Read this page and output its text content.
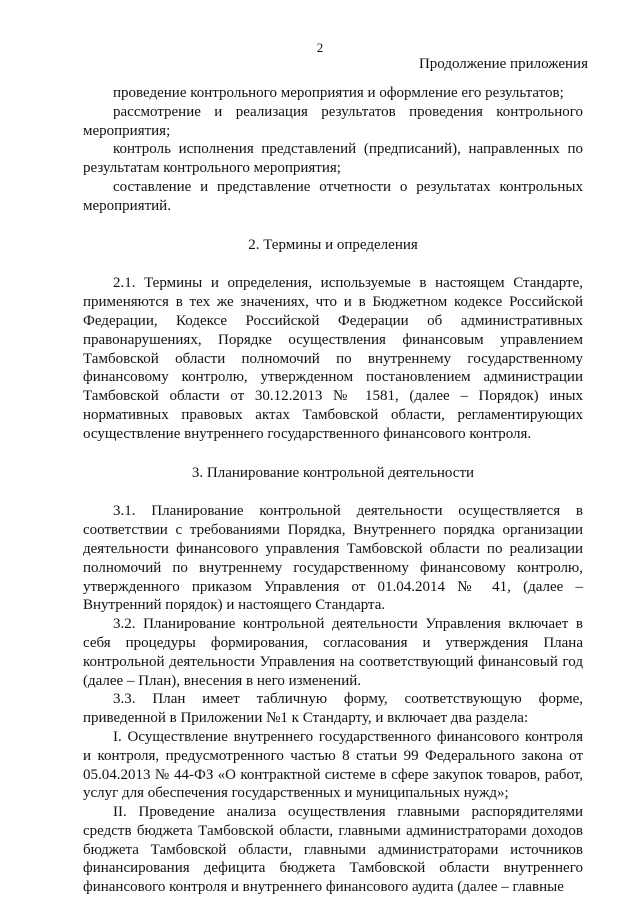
2
Продолжение приложения

проведение контрольного мероприятия и оформление его результатов;

рассмотрение и реализация результатов проведения контрольного мероприятия;

контроль исполнения представлений (предписаний), направленных по результатам контрольного мероприятия;

составление и представление отчетности о результатах контрольных мероприятий.

2. Термины и определения

2.1. Термины и определения, используемые в настоящем Стандарте, применяются в тех же значениях, что и в Бюджетном кодексе Российской Федерации, Кодексе Российской Федерации об административных правонарушениях, Порядке осуществления финансовым управлением Тамбовской области полномочий по внутреннему государственному финансовому контролю, утвержденном постановлением администрации Тамбовской области от 30.12.2013 № 1581, (далее – Порядок) иных нормативных правовых актах Тамбовской области, регламентирующих осуществление внутреннего государственного финансового контроля.

3. Планирование контрольной деятельности

3.1. Планирование контрольной деятельности осуществляется в соответствии с требованиями Порядка, Внутреннего порядка организации деятельности финансового управления Тамбовской области по реализации полномочий по внутреннему государственному финансовому контролю, утвержденного приказом Управления от 01.04.2014 № 41, (далее – Внутренний порядок) и настоящего Стандарта.

3.2. Планирование контрольной деятельности Управления включает в себя процедуры формирования, согласования и утверждения Плана контрольной деятельности Управления на соответствующий финансовый год (далее – План), внесения в него изменений.

3.3. План имеет табличную форму, соответствующую форме, приведенной в Приложении №1 к Стандарту, и включает два раздела:

I. Осуществление внутреннего государственного финансового контроля и контроля, предусмотренного частью 8 статьи 99 Федерального закона от 05.04.2013 № 44-ФЗ «О контрактной системе в сфере закупок товаров, работ, услуг для обеспечения государственных и муниципальных нужд»;

II. Проведение анализа осуществления главными распорядителями средств бюджета Тамбовской области, главными администраторами доходов бюджета Тамбовской области, главными администраторами источников финансирования дефицита бюджета Тамбовской области внутреннего финансового контроля и внутреннего финансового аудита (далее – главные
